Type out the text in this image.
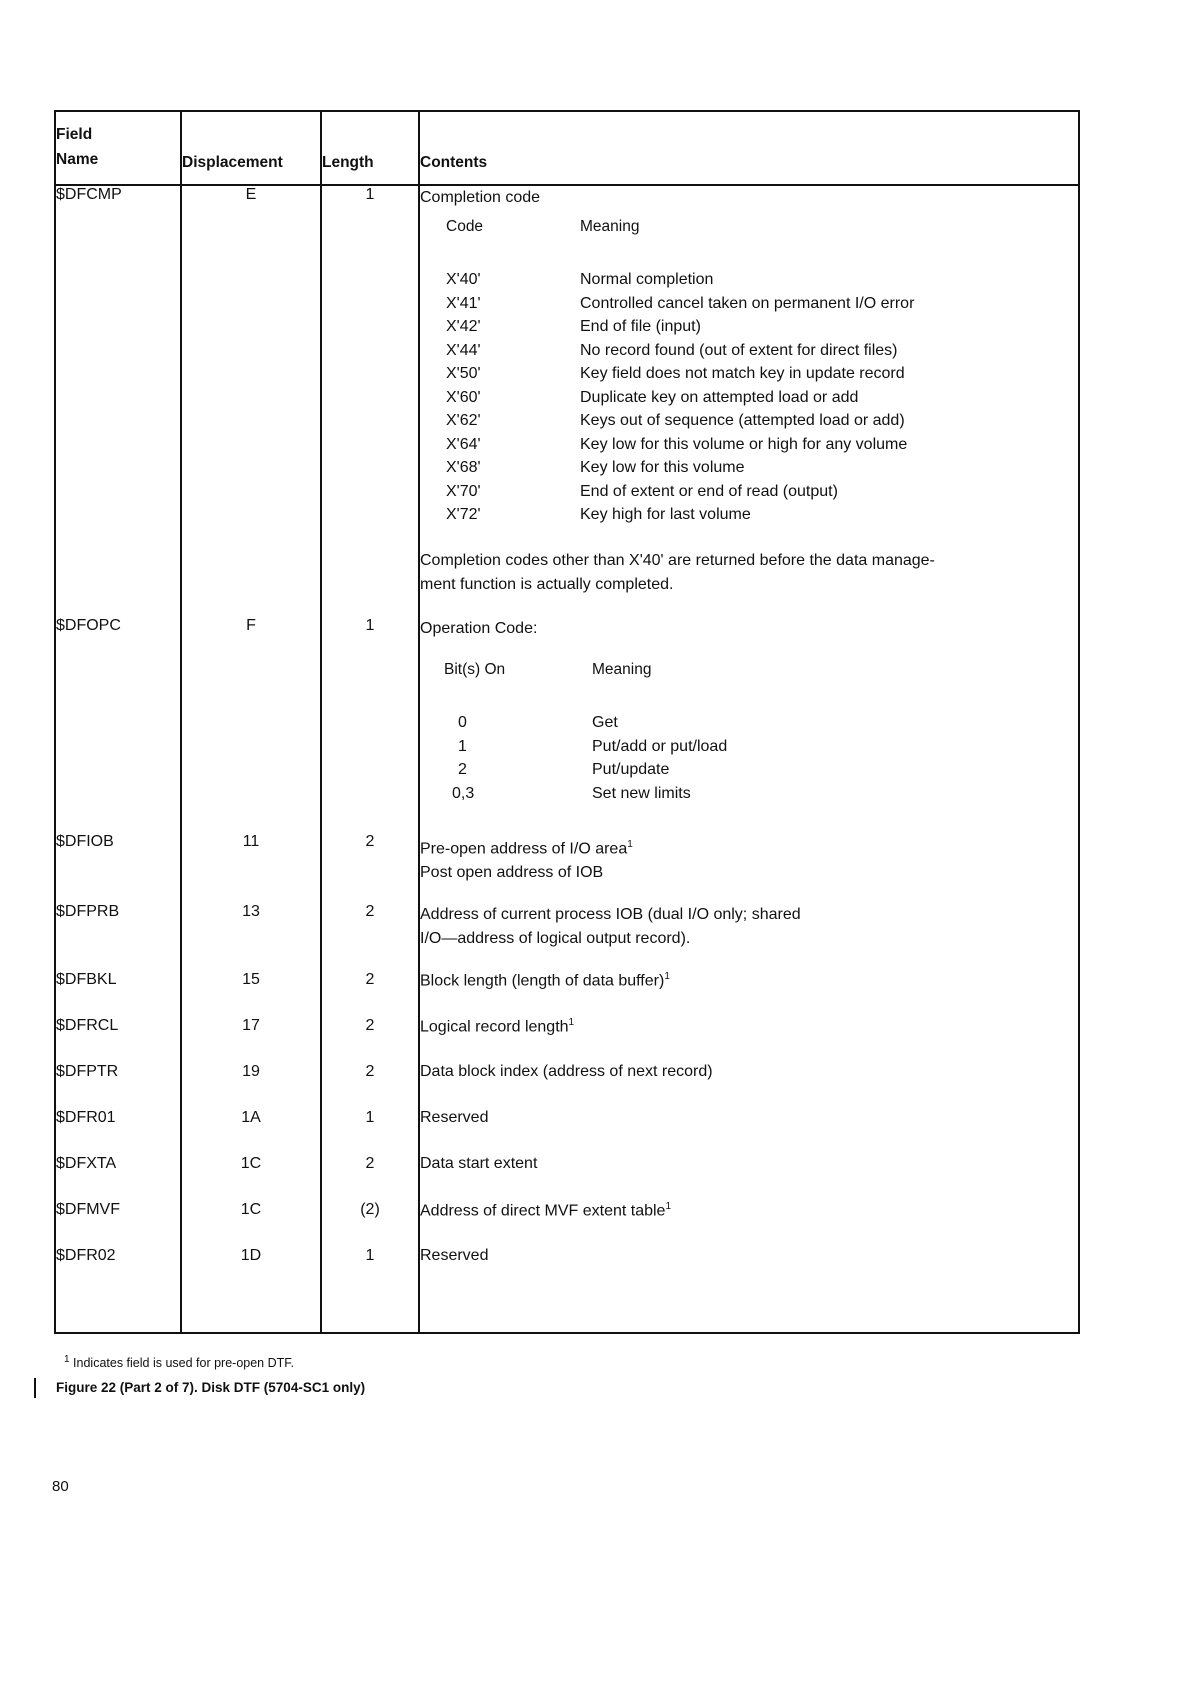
Field
Name	Displacement	Length	Contents
$DFCMP	E	1	Completion code

Code	Meaning
X'40'	Normal completion
X'41'	Controlled cancel taken on permanent I/O error
X'42'	End of file (input)
X'44'	No record found (out of extent for direct files)
X'50'	Key field does not match key in update record
X'60'	Duplicate key on attempted load or add
X'62'	Keys out of sequence (attempted load or add)
X'64'	Key low for this volume or high for any volume
X'68'	Key low for this volume
X'70'	End of extent or end of read (output)
X'72'	Key high for last volume

Completion codes other than X'40' are returned before the data manage-

ment function is actually completed.

$DFOPC	F	1	Operation Code:

Bit(s) On	Meaning
0	Get
1	Put/add or put/load
2	Put/update
0,3	Set new limits

$DFIOB	11	2	Pre-open address of I/O area$^1$

Post open address of IOB

$DFPRB	13	2	Address of current process IOB (dual I/O only; shared

I/O—address of logical output record).

$DFBKL	15	2	Block length (length of data buffer)$^1$
$DFRCL	17	2	Logical record length$^1$
$DFPTR	19	2	Data block index (address of next record)
$DFR01	1A	1	Reserved
$DFXTA	1C	2	Data start extent
$DFMVF	1C	(2)	Address of direct MVF extent table$^1$
$DFR02	1D	1	Reserved
$^1$ Indicates field is used for pre-open DTF.
Figure 22 (Part 2 of 7). Disk DTF (5704-SC1 only)
80
